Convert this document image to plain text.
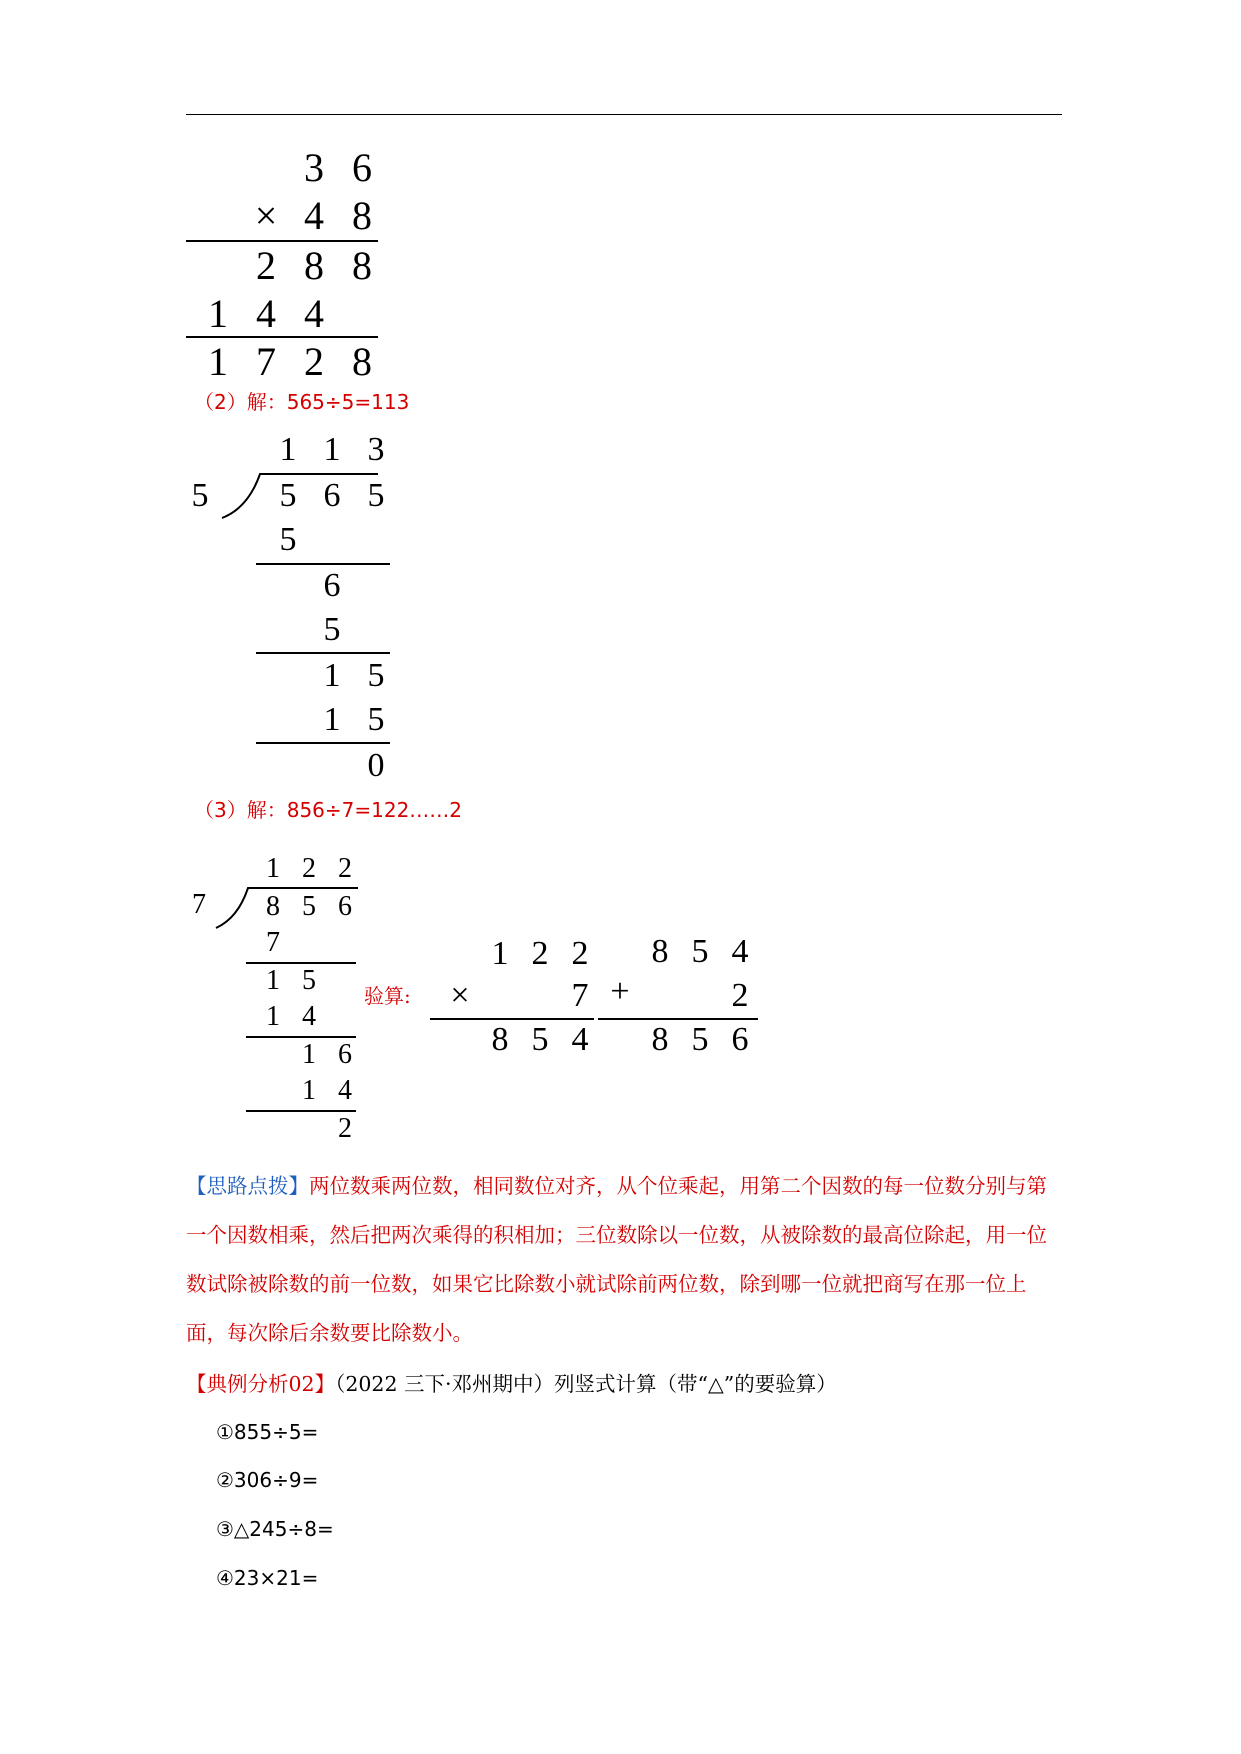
3 6
× 4 8
2 8 8
1 4 4
1 7 2 8
（2）解：565÷5=113
1 1 3
5	5 6 5
5
6
5
1 5
1 5
0
（3）解：856÷7=122……2
1 2 2
7	8 5 6
7
1 5
1 4
1 6
1 4
2
验算:
1 2 2
×	7
8 5 4
8 5 4
+	2
8 5 6
【思路点拨】两位数乘两位数，相同数位对齐，从个位乘起，用第二个因数的每一位数分别与第一个因数相乘，然后把两次乘得的积相加；三位数除以一位数，从被除数的最高位除起，用一位数试除被除数的前一位数，如果它比除数小就试除前两位数，除到哪一位就把商写在那一位上面，每次除后余数要比除数小。
【典例分析02】（2022 三下·邓州期中）列竖式计算（带“△”的要验算）
①855÷5=
②306÷9=
③△245÷8=
④23×21=
